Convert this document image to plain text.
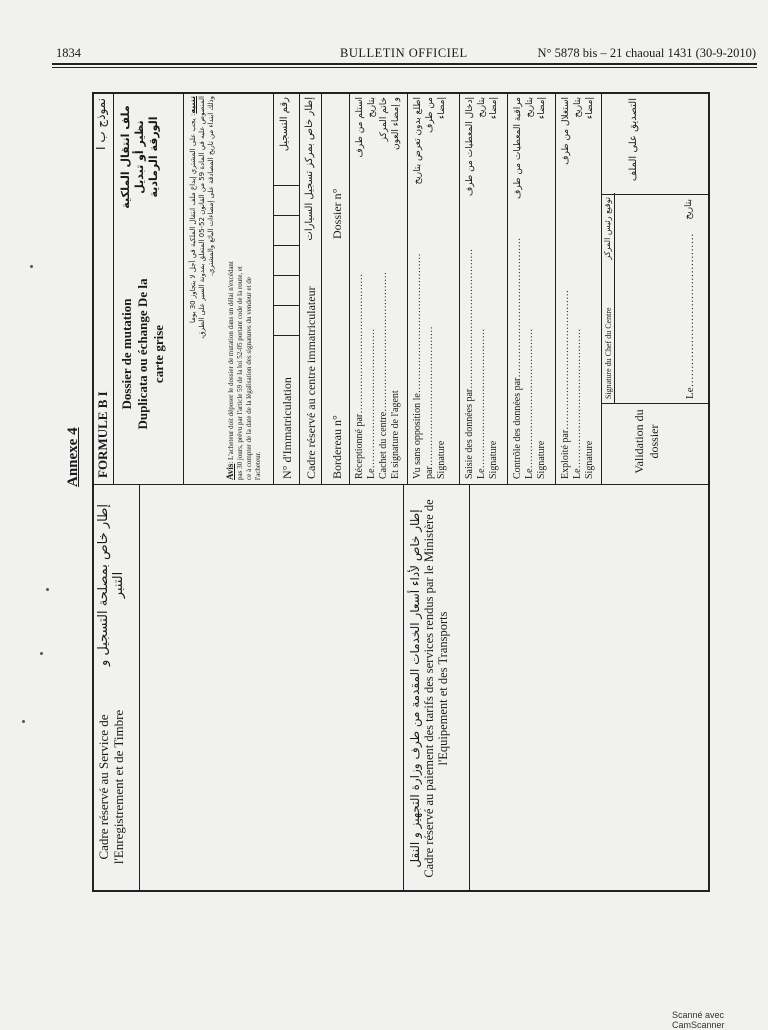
1834	BULLETIN OFFICIEL	N° 5878 bis – 21 chaoual 1431 (30-9-2010)
Annexe 4
Cadre réservé au Service de l'Enregistrement et de Timbre
إطار خاص بمصلحة التسجيل و التنبر	إطار خاص لأداء أسعار الخدمات المقدمة من طرف وزارة التجهيز و النقل Cadre réservé au paiement des tarifs des services rendus par le Ministère de l'Equipement et des Transports
FORMULE B I
نموذج ب I
Dossier de mutation Duplicata ou échange De la carte grise
ملف انتقال الملكية نظير أو تبديل الورقة الرمادية
Avis: L'acheteur doit déposer le dossier de mutation dans un délai n'excédant pas 30 jours, prévu par l'article 59 de la loi 52-05 portant code de la route, et ce à compter de la date de la légalisation des signatures du vendeur et de l'acheteur.
تنبيه: يجب على المشتري إيداع ملف انتقال الملكية في أجل لا يتجاوز 30 يوما المنصوص عليه في المادة 59 من القانون 52-05 المتعلق بمدونة السير على الطرق، وذلك ابتداء من تاريخ المصادقة على إمضاءات البائع والمشتري.
N° d'Immatriculation
رقم التسجيل
Cadre réservé au centre immatriculateur
إطار خاص بمركز تسجيل السيارات
Bordereau n°
Dossier n°
Réceptionné par…………………………………… Le…………………………………… Cachet du centre…………………………………… Et signature de l'agent
استلم من طرف بتاريخ خاتم المركز و إمضاء العون
Vu sans opposition le…………………………………… par…………………………………… Signature
اطلع بدون تعرض بتاريخ من طرف إمضاء
Saisie des données par…………………………………… Le…………………………………… Signature
إدخال المعطيات من طرف بتاريخ إمضاء
Contrôle des données par…………………………………… Le…………………………………… Signature
مراقبة المعطيات من طرف بتاريخ إمضاء
Exploité par…………………………………… Le…………………………………… Signature
استغلال من طرف بتاريخ إمضاء
Validation du dossier
Signature du Chef du Centre
توقيع رئيس المركز
Le……………………………………
بتاريخ
التصديق على الملف
Scanné avec CamScanner
